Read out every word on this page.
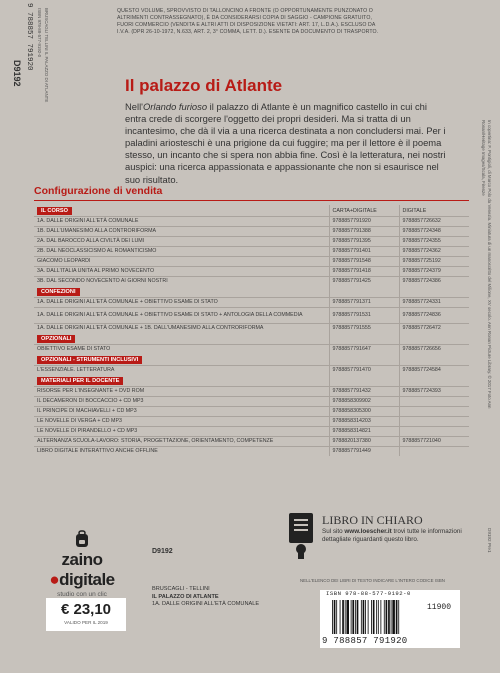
D9192
9 788857 791920 ISBN 978-88-577-9192-0 BRUSCAGLI TELLINI IL PALAZZO DI ATLANTE
In copertina: F. Pontigioli, di Marco Polo da Venezia. Miniatura di un manoscritto del Milione, XV secolo. Ann Ronan Picture Library. © 2017 Foto Ann Ronan/Heritage Images/Scala, Firenze
D9192 Pre1
QUESTO VOLUME, SPROVVISTO DI TALLONCINO A FRONTE (O OPPORTUNAMENTE PUNZONATO O ALTRIMENTI CONTRASSEGNATO), È DA CONSIDERARSI COPIA DI SAGGIO - CAMPIONE GRATUITO, FUORI COMMERCIO (VENDITA E ALTRI ATTI DI DISPOSIZIONE VIETATI: ART. 17, L.D.A.). ESCLUSO DA I.V.A. (DPR 26-10-1972, N.633, ART. 2, 3° COMMA, LETT. D.). ESENTE DA DOCUMENTO DI TRASPORTO.
Il palazzo di Atlante

Nell'Orlando furioso il palazzo di Atlante è un magnifico castello in cui chi entra crede di scorgere l'oggetto dei propri desideri. Ma si tratta di un incantesimo, che dà il via a una ricerca destinata a non concludersi mai. Per i paladini ariosteschi è una prigione da cui fuggire; ma per il lettore è il poema stesso, un incanto che si spera non abbia fine. Così è la letteratura, nei nostri auspici: una ricerca appassionata e appassionante che non si esaurisce nel suo risultato.

Configurazione di vendita
IL CORSO	CARTA+DIGITALE	DIGITALE
1A. DALLE ORIGINI ALL'ETÀ COMUNALE	9788857791920	9788857726632
1B. DALL'UMANESIMO ALLA CONTRORIFORMA	9788857791388	9788857724348
2A. DAL BAROCCO ALLA CIVILTÀ DEI LUMI	9788857791395	9788857724355
2B. DAL NEOCLASSICISMO AL ROMANTICISMO	9788857791401	9788857724362
GIACOMO LEOPARDI	9788857791548	9788857725192
3A. DALL'ITALIA UNITA AL PRIMO NOVECENTO	9788857791418	9788857724379
3B. DAL SECONDO NOVECENTO AI GIORNI NOSTRI	9788857791425	9788857724386
CONFEZIONI		
1A. DALLE ORIGINI ALL'ETÀ COMUNALE + OBIETTIVO ESAME DI STATO	9788857791371	9788857724331
1A. DALLE ORIGINI ALL'ETÀ COMUNALE + OBIETTIVO ESAME DI STATO + ANTOLOGIA DELLA COMMEDIA	9788857791531	9788857724836
1A. DALLE ORIGINI ALL'ETÀ COMUNALE + 1B. DALL'UMANESIMO ALLA CONTRORIFORMA	9788857791555	9788857726472
OPZIONALI		
OBIETTIVO ESAME DI STATO	9788857791647	9788857726656
OPZIONALI - STRUMENTI INCLUSIVI		
L'ESSENZIALE. LETTERATURA	9788857791470	9788857724584
MATERIALI PER IL DOCENTE		
RISORSE PER L'INSEGNANTE + DVD ROM	9788857791432	9788857724393
IL DECAMERON DI BOCCACCIO + CD MP3	9788858309902	
IL PRINCIPE DI MACHIAVELLI + CD MP3	9788858305300	
LE NOVELLE DI VERGA + CD MP3	9788858314203	
LE NOVELLE DI PIRANDELLO + CD MP3	9788858314821	
ALTERNANZA SCUOLA-LAVORO: STORIA, PROGETTAZIONE, ORIENTAMENTO, COMPETENZE	9788820137380	9788857721040
LIBRO DIGITALE INTERATTIVO ANCHE OFFLINE	9788857791449	
zaino ●digitale
studio con un clic
€ 23,10
VALIDO PER IL 2019
D9192
BRUSCAGLI - TELLINI
IL PALAZZO DI ATLANTE
1A. DALLE ORIGINI ALL'ETÀ COMUNALE
LIBRO IN CHIARO
Sul sito www.loescher.it trovi tutte le informazioni dettagliate riguardanti questo libro.
NELL'ELENCO DEI LIBRI DI TESTO INDICARE L'INTERO CODICE ISBN
ISBN 978-88-577-9192-0
11900
9 788857 791920
